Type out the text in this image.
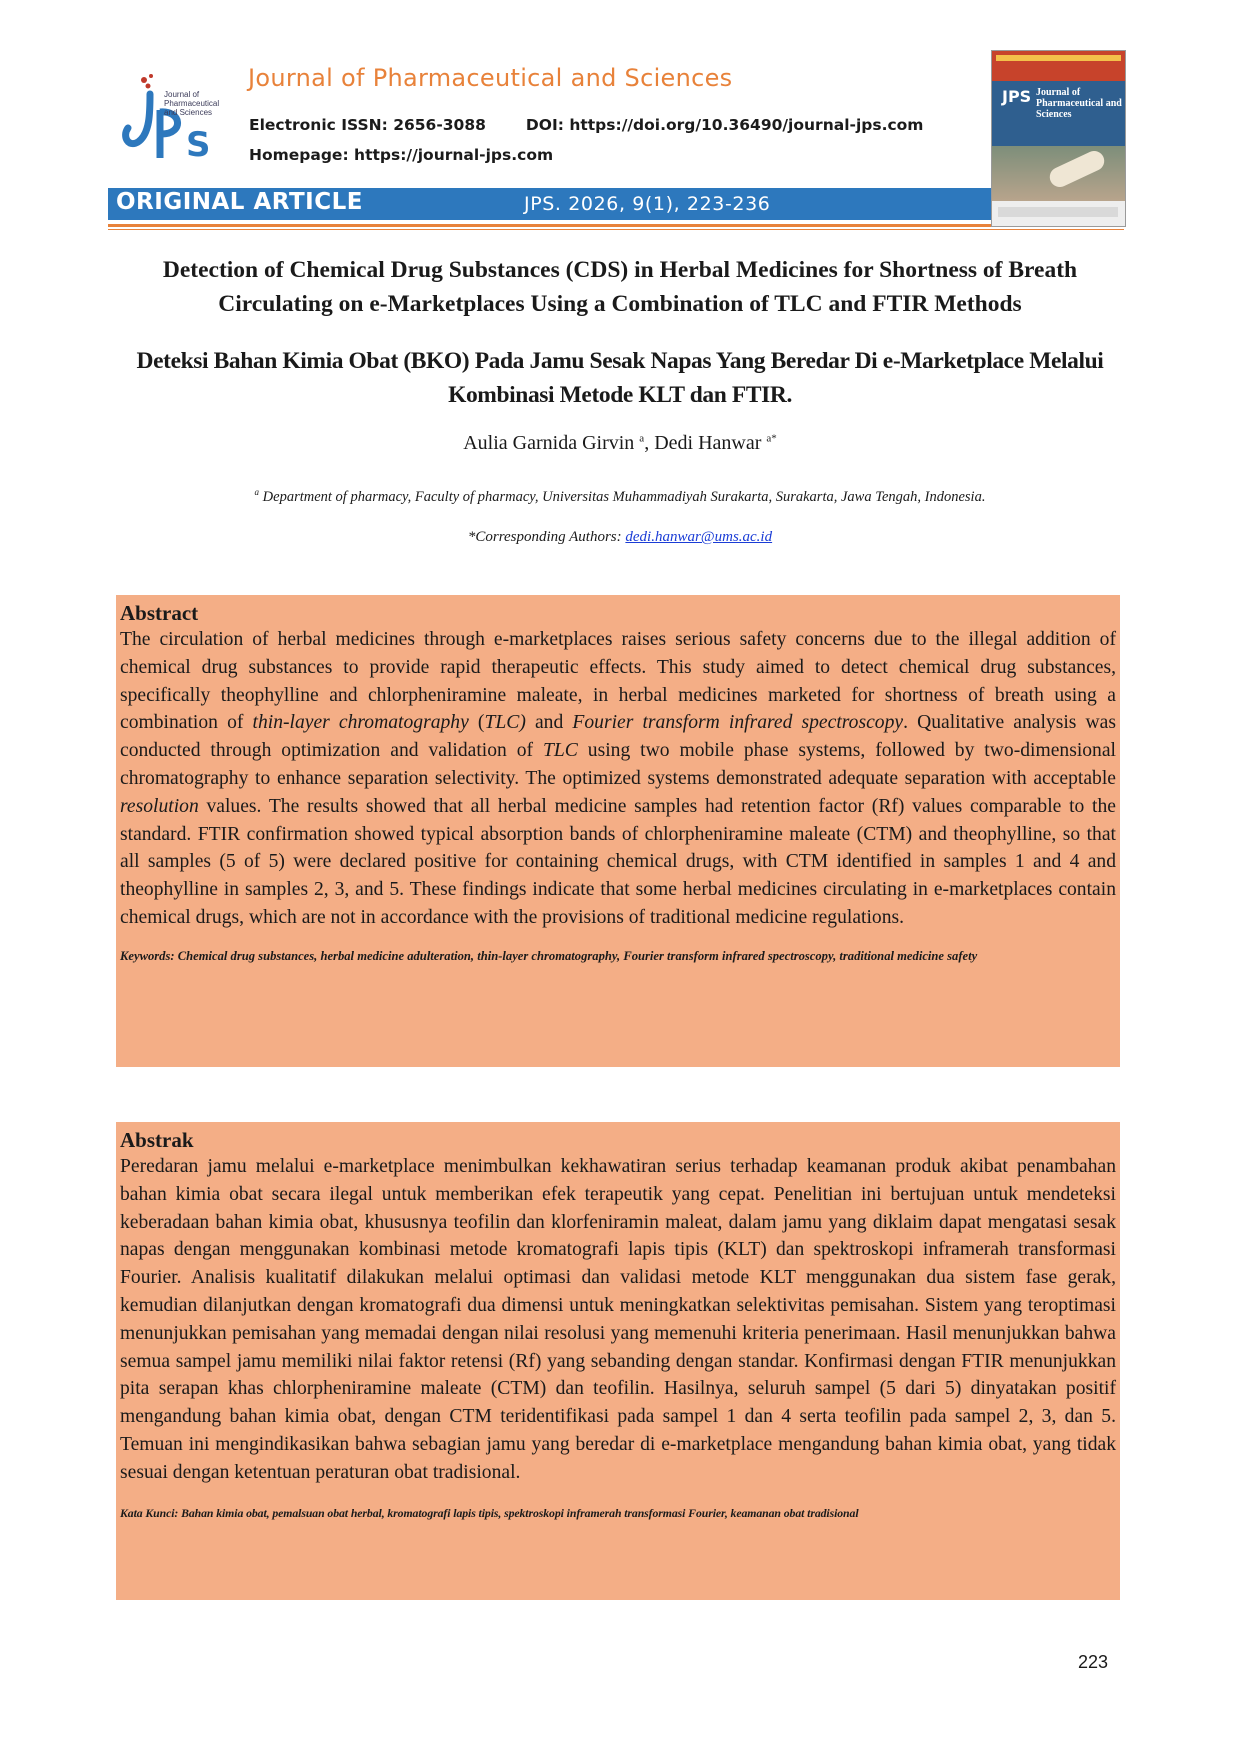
S
Journal of Pharmaceutical and Sciences
Journal of Pharmaceutical and Sciences
Electronic ISSN: 2656-3088	DOI: https://doi.org/10.36490/journal-jps.com
Homepage: https://journal-jps.com
ORIGINAL ARTICLE	JPS. 2026, 9(1), 223-236
JPS Journal of Pharmaceutical and Sciences
Detection of Chemical Drug Substances (CDS) in Herbal Medicines for Shortness of Breath Circulating on e-Marketplaces Using a Combination of TLC and FTIR Methods
Deteksi Bahan Kimia Obat (BKO) Pada Jamu Sesak Napas Yang Beredar Di e-Marketplace Melalui Kombinasi Metode KLT dan FTIR.
Aulia Garnida Girvin $^a$, Dedi Hanwar $^{a*}$
$^a$ Department of pharmacy, Faculty of pharmacy, Universitas Muhammadiyah Surakarta, Surakarta, Jawa Tengah, Indonesia.
*Corresponding Authors: dedi.hanwar@ums.ac.id
Abstract

The circulation of herbal medicines through e-marketplaces raises serious safety concerns due to the illegal addition of chemical drug substances to provide rapid therapeutic effects. This study aimed to detect chemical drug substances, specifically theophylline and chlorpheniramine maleate, in herbal medicines marketed for shortness of breath using a combination of thin-layer chromatography (TLC) and Fourier transform infrared spectroscopy. Qualitative analysis was conducted through optimization and validation of TLC using two mobile phase systems, followed by two-dimensional chromatography to enhance separation selectivity. The optimized systems demonstrated adequate separation with acceptable resolution values. The results showed that all herbal medicine samples had retention factor (Rf) values comparable to the standard. FTIR confirmation showed typical absorption bands of chlorpheniramine maleate (CTM) and theophylline, so that all samples (5 of 5) were declared positive for containing chemical drugs, with CTM identified in samples 1 and 4 and theophylline in samples 2, 3, and 5. These findings indicate that some herbal medicines circulating in e-marketplaces contain chemical drugs, which are not in accordance with the provisions of traditional medicine regulations.

Keywords: Chemical drug substances, herbal medicine adulteration, thin-layer chromatography, Fourier transform infrared spectroscopy, traditional medicine safety

Abstrak

Peredaran jamu melalui e-marketplace menimbulkan kekhawatiran serius terhadap keamanan produk akibat penambahan bahan kimia obat secara ilegal untuk memberikan efek terapeutik yang cepat. Penelitian ini bertujuan untuk mendeteksi keberadaan bahan kimia obat, khususnya teofilin dan klorfeniramin maleat, dalam jamu yang diklaim dapat mengatasi sesak napas dengan menggunakan kombinasi metode kromatografi lapis tipis (KLT) dan spektroskopi inframerah transformasi Fourier. Analisis kualitatif dilakukan melalui optimasi dan validasi metode KLT menggunakan dua sistem fase gerak, kemudian dilanjutkan dengan kromatografi dua dimensi untuk meningkatkan selektivitas pemisahan. Sistem yang teroptimasi menunjukkan pemisahan yang memadai dengan nilai resolusi yang memenuhi kriteria penerimaan. Hasil menunjukkan bahwa semua sampel jamu memiliki nilai faktor retensi (Rf) yang sebanding dengan standar. Konfirmasi dengan FTIR menunjukkan pita serapan khas chlorpheniramine maleate (CTM) dan teofilin. Hasilnya, seluruh sampel (5 dari 5) dinyatakan positif mengandung bahan kimia obat, dengan CTM teridentifikasi pada sampel 1 dan 4 serta teofilin pada sampel 2, 3, dan 5. Temuan ini mengindikasikan bahwa sebagian jamu yang beredar di e-marketplace mengandung bahan kimia obat, yang tidak sesuai dengan ketentuan peraturan obat tradisional.

Kata Kunci: Bahan kimia obat, pemalsuan obat herbal, kromatografi lapis tipis, spektroskopi inframerah transformasi Fourier, keamanan obat tradisional

223
